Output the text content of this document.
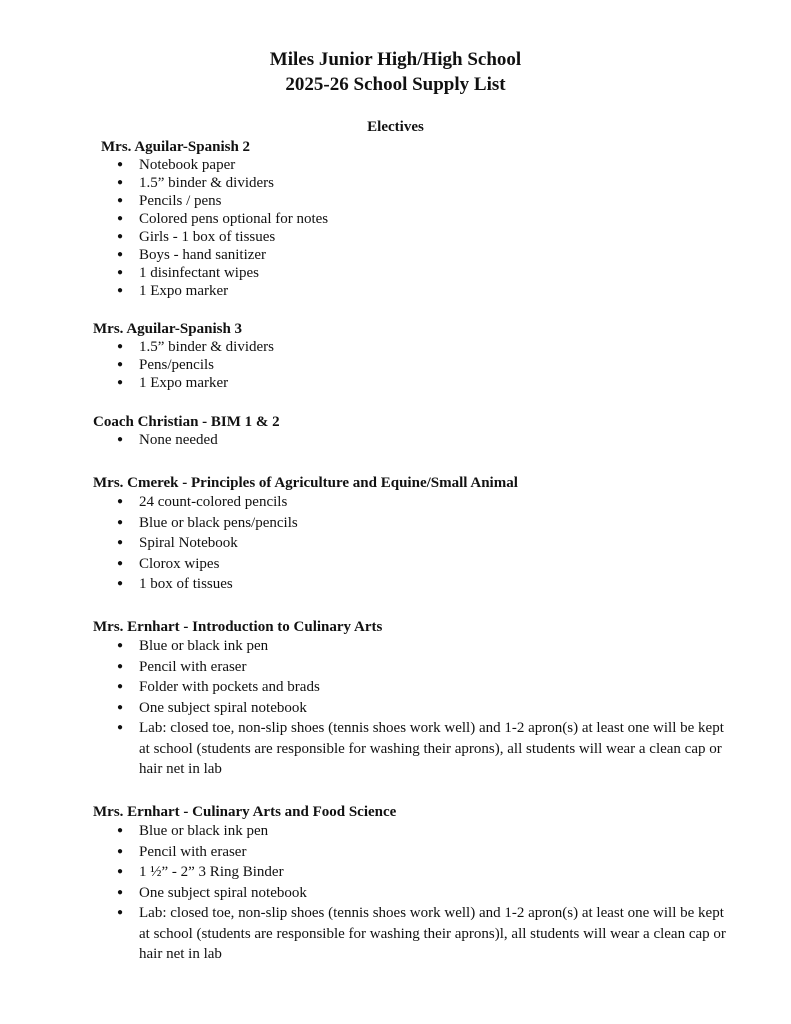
Miles Junior High/High School
2025-26 School Supply List
Electives
Mrs. Aguilar-Spanish 2
● Notebook paper
● 1.5” binder & dividers
● Pencils / pens
● Colored pens optional for notes
● Girls - 1 box of tissues
● Boys - hand sanitizer
● 1 disinfectant wipes
● 1 Expo marker
Mrs. Aguilar-Spanish 3
● 1.5” binder & dividers
● Pens/pencils
● 1 Expo marker
Coach Christian - BIM 1 & 2
● None needed
Mrs. Cmerek - Principles of Agriculture and Equine/Small Animal
● 24 count-colored pencils
● Blue or black pens/pencils
● Spiral Notebook
● Clorox wipes
● 1 box of tissues
Mrs. Ernhart - Introduction to Culinary Arts
● Blue or black ink pen
● Pencil with eraser
● Folder with pockets and brads
● One subject spiral notebook
● Lab: closed toe, non-slip shoes (tennis shoes work well) and 1-2 apron(s) at least one will be kept at school (students are responsible for washing their aprons), all students will wear a clean cap or hair net in lab
Mrs. Ernhart - Culinary Arts and Food Science
● Blue or black ink pen
● Pencil with eraser
● 1 ½” - 2” 3 Ring Binder
● One subject spiral notebook
● Lab: closed toe, non-slip shoes (tennis shoes work well) and 1-2 apron(s) at least one will be kept at school (students are responsible for washing their aprons)l, all students will wear a clean cap or hair net in lab
